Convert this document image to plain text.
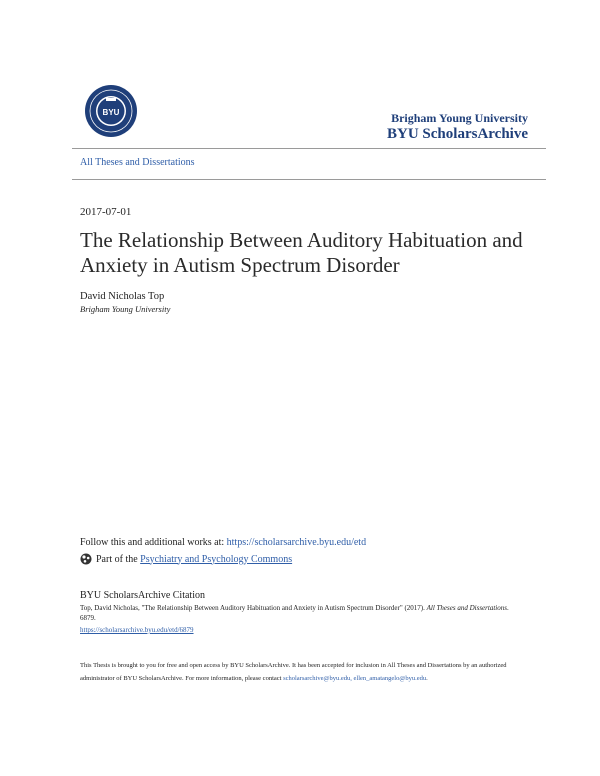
BYU	Brigham Young University
BYU ScholarsArchive
All Theses and Dissertations
2017-07-01
The Relationship Between Auditory Habituation and Anxiety in Autism Spectrum Disorder
David Nicholas Top
Brigham Young University
Follow this and additional works at: https://scholarsarchive.byu.edu/etd
Part of the
Psychiatry and Psychology Commons
BYU ScholarsArchive Citation
Top, David Nicholas, "The Relationship Between Auditory Habituation and Anxiety in Autism Spectrum Disorder" (2017). All Theses and Dissertations. 6879.
https://scholarsarchive.byu.edu/etd/6879
This Thesis is brought to you for free and open access by BYU ScholarsArchive. It has been accepted for inclusion in All Theses and Dissertations by an authorized administrator of BYU ScholarsArchive. For more information, please contact scholarsarchive@byu.edu, ellen_amatangelo@byu.edu.
